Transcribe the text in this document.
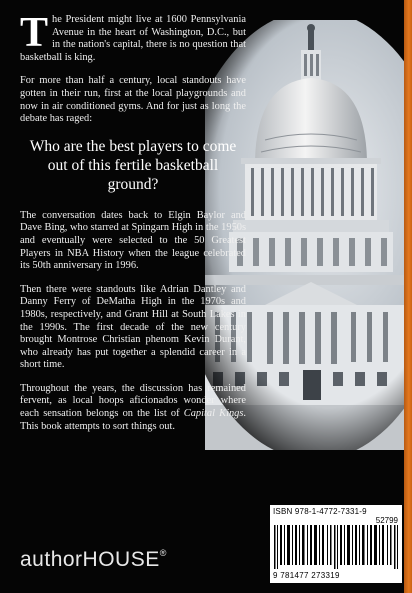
The President might live at 1600 Pennsylvania Avenue in the heart of Washington, D.C., but in the nation's capital, there is no question that basketball is king.

For more than half a century, local standouts have gotten in their run, first at the local playgrounds and now in air conditioned gyms. And for just as long the debate has raged:

Who are the best players to come out of this fertile basketball ground?

The conversation dates back to Elgin Baylor and Dave Bing, who starred at Spingarn High in the 1950s and eventually were selected to the 50 Greatest Players in NBA History when the league celebrated its 50th anniversary in 1996.

Then there were standouts like Adrian Dantley and Danny Ferry of DeMatha High in the 1970s and 1980s, respectively, and Grant Hill at South Lakes in the 1990s. The first decade of the new century brought Montrose Christian phenom Kevin Durant, who already has put together a splendid career in a short time.

Throughout the years, the discussion has remained fervent, as local hoops aficionados wonder where each sensation belongs on the list of Capital Kings. This book attempts to sort things out.

ISBN 978-1-4772-7331-9
52799
9 781477 273319
authorHOUSE®
